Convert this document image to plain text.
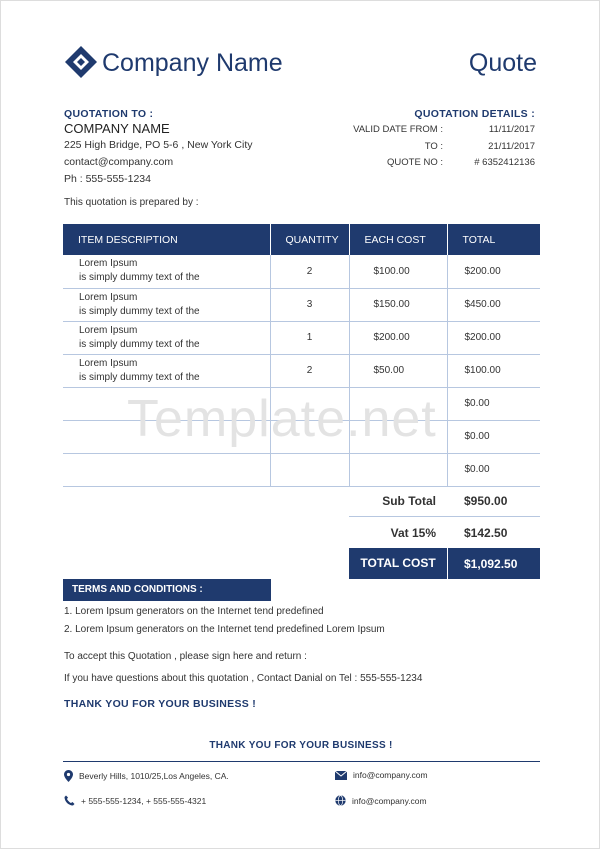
Company Name	Quote
QUOTATION TO :
COMPANY NAME
225 High Bridge, PO 5-6 , New York City
contact@company.com
Ph : 555-555-1234
QUOTATION DETAILS :
VALID DATE FROM :	11/11/2017
TO :	21/11/2017
QUOTE NO :	# 6352412136
This quotation is prepared by :
ITEM DESCRIPTION	QUANTITY	EACH COST	TOTAL
Lorem Ipsum
is simply dummy text of the	2	$100.00	$200.00
Lorem Ipsum
is simply dummy text of the	3	$150.00	$450.00
Lorem Ipsum
is simply dummy text of the	1	$200.00	$200.00
Lorem Ipsum
is simply dummy text of the	2	$50.00	$100.00
			$0.00
			$0.00
			$0.00
Template.net
Sub Total	$950.00
Vat 15%	$142.50
TOTAL COST	$1,092.50
TERMS AND CONDITIONS :
1. Lorem Ipsum generators on the Internet tend predefined
2. Lorem Ipsum generators on the Internet tend predefined Lorem Ipsum
To accept this Quotation , please sign here and return :
If you have questions about this quotation , Contact Danial on Tel : 555-555-1234
THANK YOU FOR YOUR BUSINESS !
THANK YOU FOR YOUR BUSINESS !
Beverly Hills, 1010/25,Los Angeles, CA.
+ 555-555-1234, + 555-555-4321
info@company.com
info@company.com
